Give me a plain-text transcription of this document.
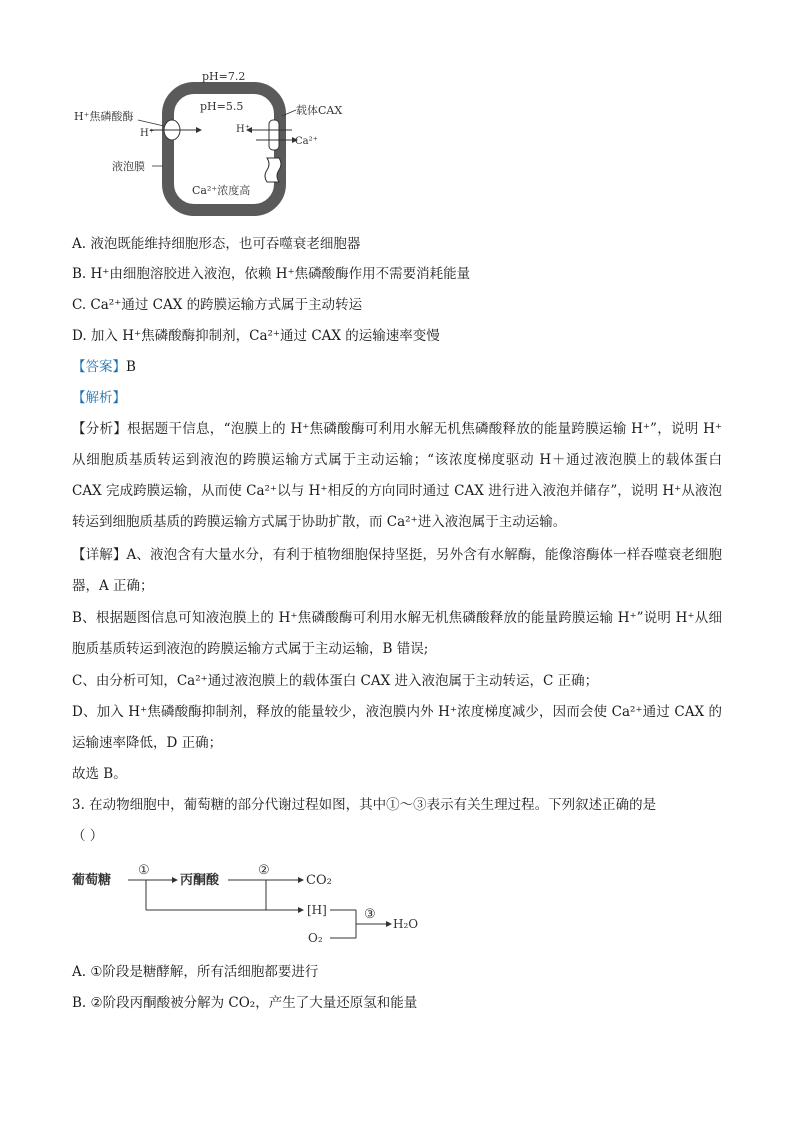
pH=7.2
pH=5.5
H⁺焦磷酸酶
H⁺
液泡膜
载体CAX
H⁺
Ca²⁺
Ca²⁺浓度高
A. 液泡既能维持细胞形态，也可吞噬衰老细胞器
B. H⁺由细胞溶胶进入液泡，依赖 H⁺焦磷酸酶作用不需要消耗能量
C. Ca²⁺通过 CAX 的跨膜运输方式属于主动转运
D. 加入 H⁺焦磷酸酶抑制剂，Ca²⁺通过 CAX 的运输速率变慢
【答案】B
【解析】
【分析】根据题干信息，“泡膜上的 H⁺焦磷酸酶可利用水解无机焦磷酸释放的能量跨膜运输 H⁺”，说明 H⁺从细胞质基质转运到液泡的跨膜运输方式属于主动运输；“该浓度梯度驱动 H＋通过液泡膜上的载体蛋白 CAX 完成跨膜运输，从而使 Ca²⁺以与 H⁺相反的方向同时通过 CAX 进行进入液泡并储存”，说明 H⁺从液泡转运到细胞质基质的跨膜运输方式属于协助扩散，而 Ca²⁺进入液泡属于主动运输。
【详解】A、液泡含有大量水分，有利于植物细胞保持坚挺，另外含有水解酶，能像溶酶体一样吞噬衰老细胞器，A 正确；
B、根据题图信息可知液泡膜上的 H⁺焦磷酸酶可利用水解无机焦磷酸释放的能量跨膜运输 H⁺”说明 H⁺从细胞质基质转运到液泡的跨膜运输方式属于主动运输，B 错误;
C、由分析可知，Ca²⁺通过液泡膜上的载体蛋白 CAX 进入液泡属于主动转运，C 正确；
D、加入 H⁺焦磷酸酶抑制剂，释放的能量较少，液泡膜内外 H⁺浓度梯度减少，因而会使 Ca²⁺通过 CAX 的运输速率降低，D 正确；
故选 B。
3. 在动物细胞中，葡萄糖的部分代谢过程如图，其中①～③表示有关生理过程。下列叙述正确的是
（ ）
葡萄糖
①
丙酮酸
②
CO₂
[H]
O₂
③
H₂O
A. ①阶段是糖酵解，所有活细胞都要进行
B. ②阶段丙酮酸被分解为 CO₂，产生了大量还原氢和能量
